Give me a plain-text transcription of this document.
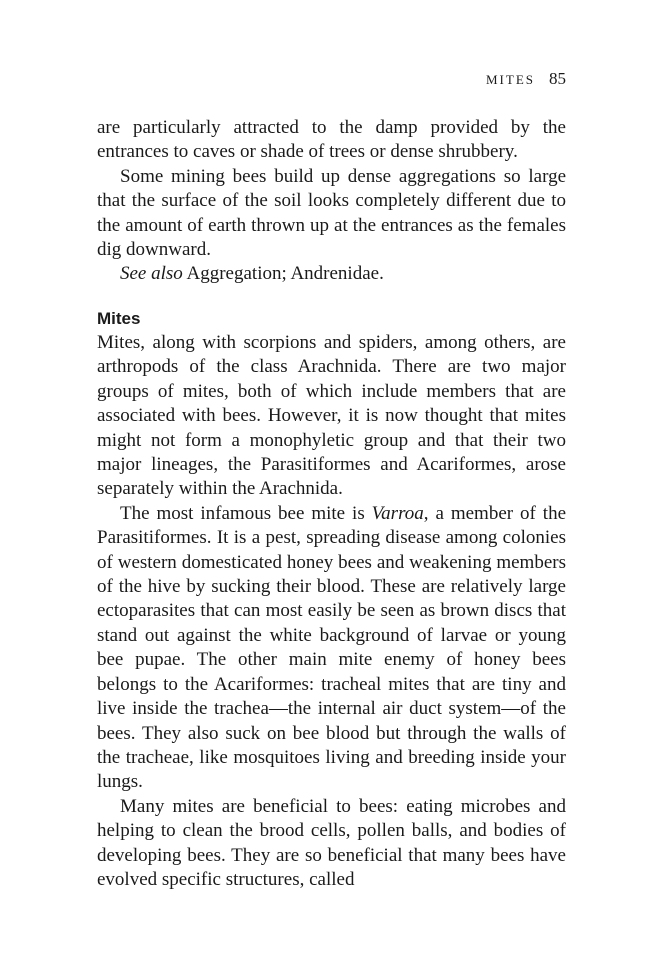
MITES 85

are particularly attracted to the damp provided by the entrances to caves or shade of trees or dense shrubbery.

Some mining bees build up dense aggregations so large that the surface of the soil looks completely different due to the amount of earth thrown up at the entrances as the females dig downward.

See also Aggregation; Andrenidae.

Mites

Mites, along with scorpions and spiders, among others, are arthropods of the class Arachnida. There are two major groups of mites, both of which include members that are associated with bees. However, it is now thought that mites might not form a monophyletic group and that their two major lineages, the Parasitiformes and Acariformes, arose separately within the Arachnida.

The most infamous bee mite is Varroa, a member of the Parasitiformes. It is a pest, spreading disease among colonies of western domesticated honey bees and weakening members of the hive by sucking their blood. These are relatively large ectoparasites that can most easily be seen as brown discs that stand out against the white background of larvae or young bee pupae. The other main mite enemy of honey bees belongs to the Acariformes: tracheal mites that are tiny and live inside the trachea—the internal air duct system—of the bees. They also suck on bee blood but through the walls of the tracheae, like mosquitoes living and breeding inside your lungs.

Many mites are beneficial to bees: eating microbes and helping to clean the brood cells, pollen balls, and bodies of developing bees. They are so beneficial that many bees have evolved specific structures, called
